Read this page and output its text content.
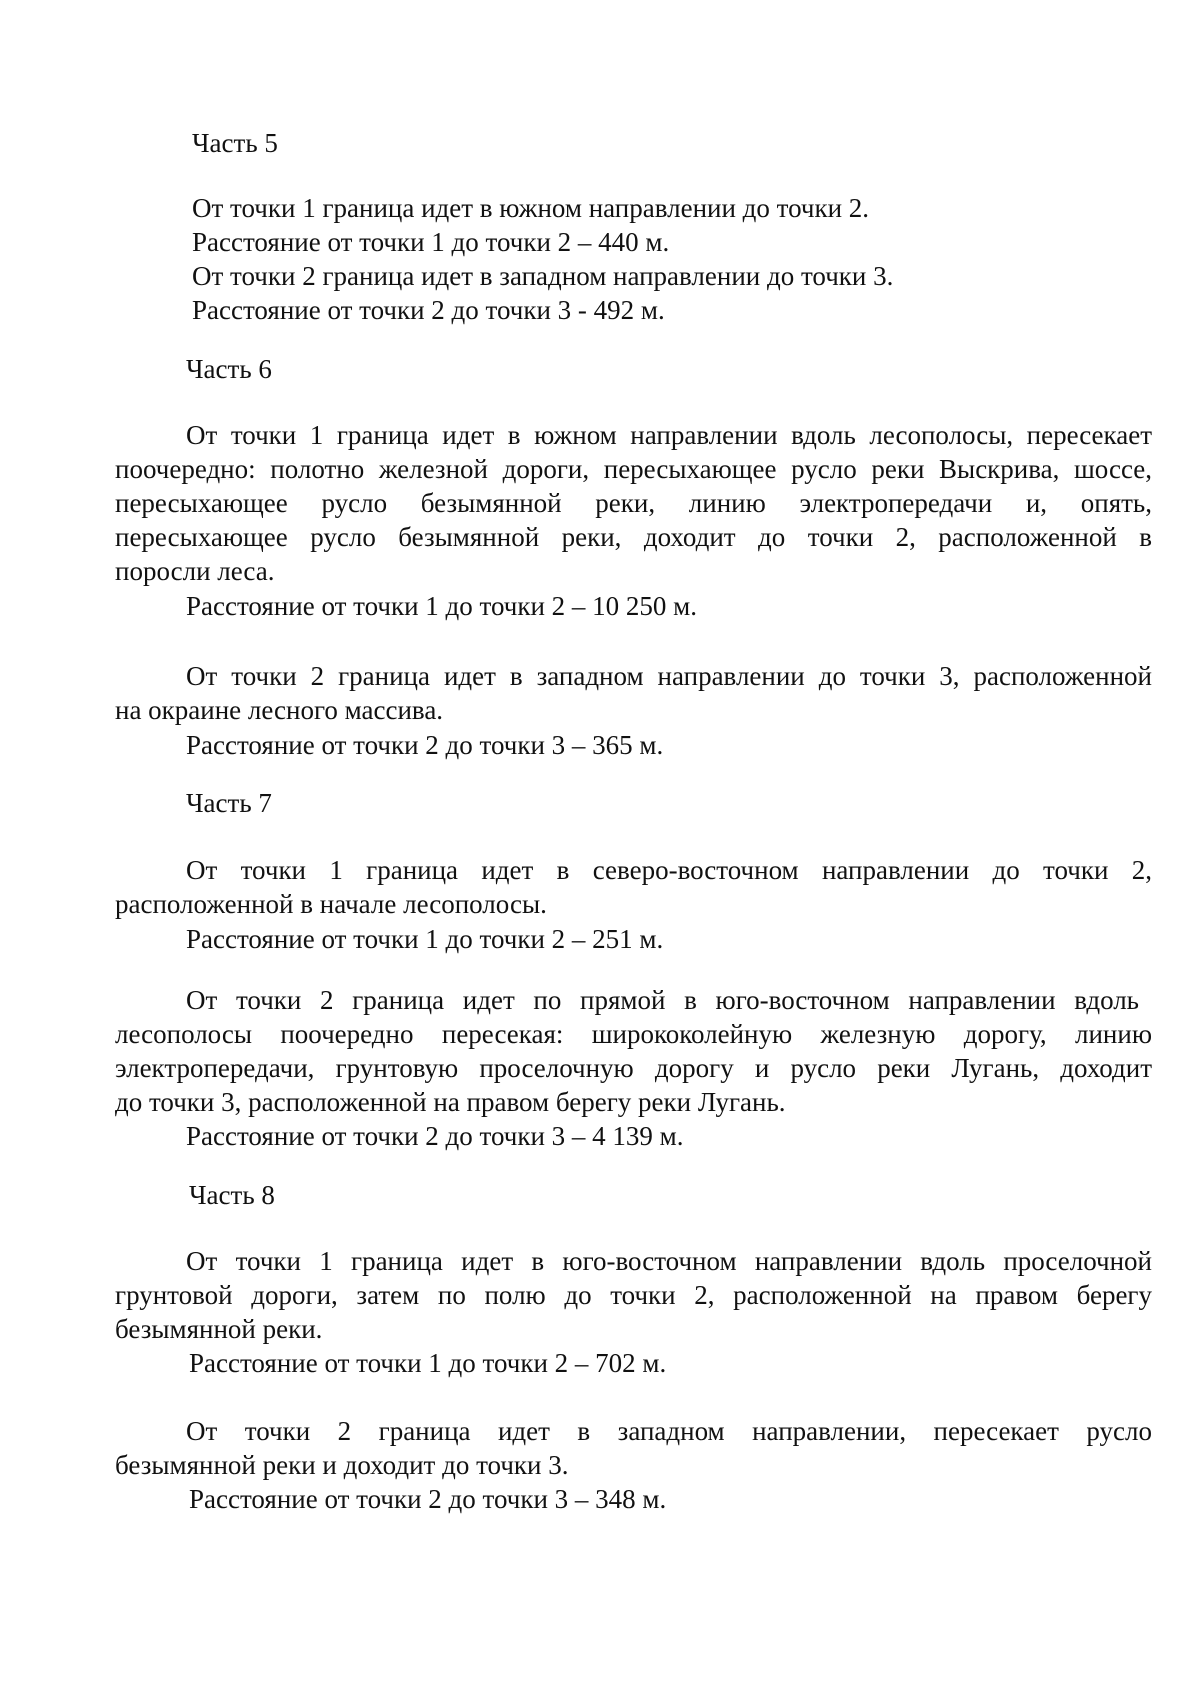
Часть 5
От точки 1 граница идет в южном направлении до точки 2.
Расстояние от точки 1 до точки 2 – 440 м.
От точки 2 граница идет в западном направлении до точки 3.
Расстояние от точки 2 до точки 3 - 492 м.
Часть 6
От точки 1 граница идет в южном направлении вдоль лесополосы, пересекает
поочередно: полотно железной дороги, пересыхающее русло реки Выскрива, шоссе,
пересыхающее русло безымянной реки, линию электропередачи и, опять,
пересыхающее русло безымянной реки, доходит до точки 2, расположенной в
поросли леса.
Расстояние от точки 1 до точки 2 – 10 250 м.
От точки 2 граница идет в западном направлении до точки 3, расположенной
на окраине лесного массива.
Расстояние от точки 2 до точки 3 – 365 м.
Часть 7
От точки 1 граница идет в северо-восточном направлении до точки 2,
расположенной в начале лесополосы.
Расстояние от точки 1 до точки 2 – 251 м.
От точки 2 граница идет по прямой в юго-восточном направлении вдоль
лесополосы поочередно пересекая: ширококолейную железную дорогу, линию
электропередачи, грунтовую проселочную дорогу и русло реки Лугань, доходит
до точки 3, расположенной на правом берегу реки Лугань.
Расстояние от точки 2 до точки 3 – 4 139 м.
Часть 8
От точки 1 граница идет в юго-восточном направлении вдоль проселочной
грунтовой дороги, затем по полю до точки 2, расположенной на правом берегу
безымянной реки.
Расстояние от точки 1 до точки 2 – 702 м.
От точки 2 граница идет в западном направлении, пересекает русло
безымянной реки и доходит до точки 3.
Расстояние от точки 2 до точки 3 – 348 м.
